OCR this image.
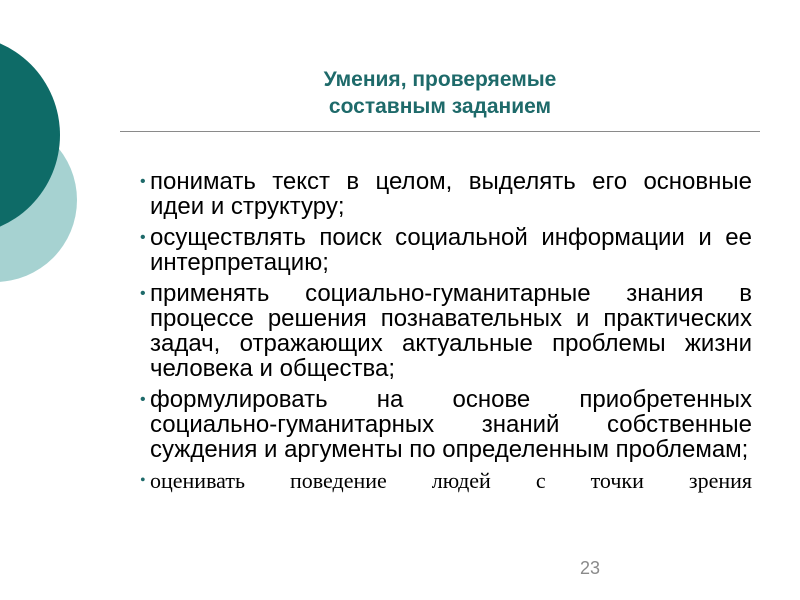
Умения, проверяемые
составным заданием
• понимать текст в целом, выделять его основные идеи и структуру;
• осуществлять поиск социальной информации и ее интерпретацию;
• применять социально-гуманитарные знания в процессе решения познавательных и практических задач, отражающих актуальные проблемы жизни человека и общества;
• формулировать на основе приобретенных социально-гуманитарных знаний собственные суждения и аргументы по определенным проблемам;
• оценивать поведение людей с точки зрения
23
